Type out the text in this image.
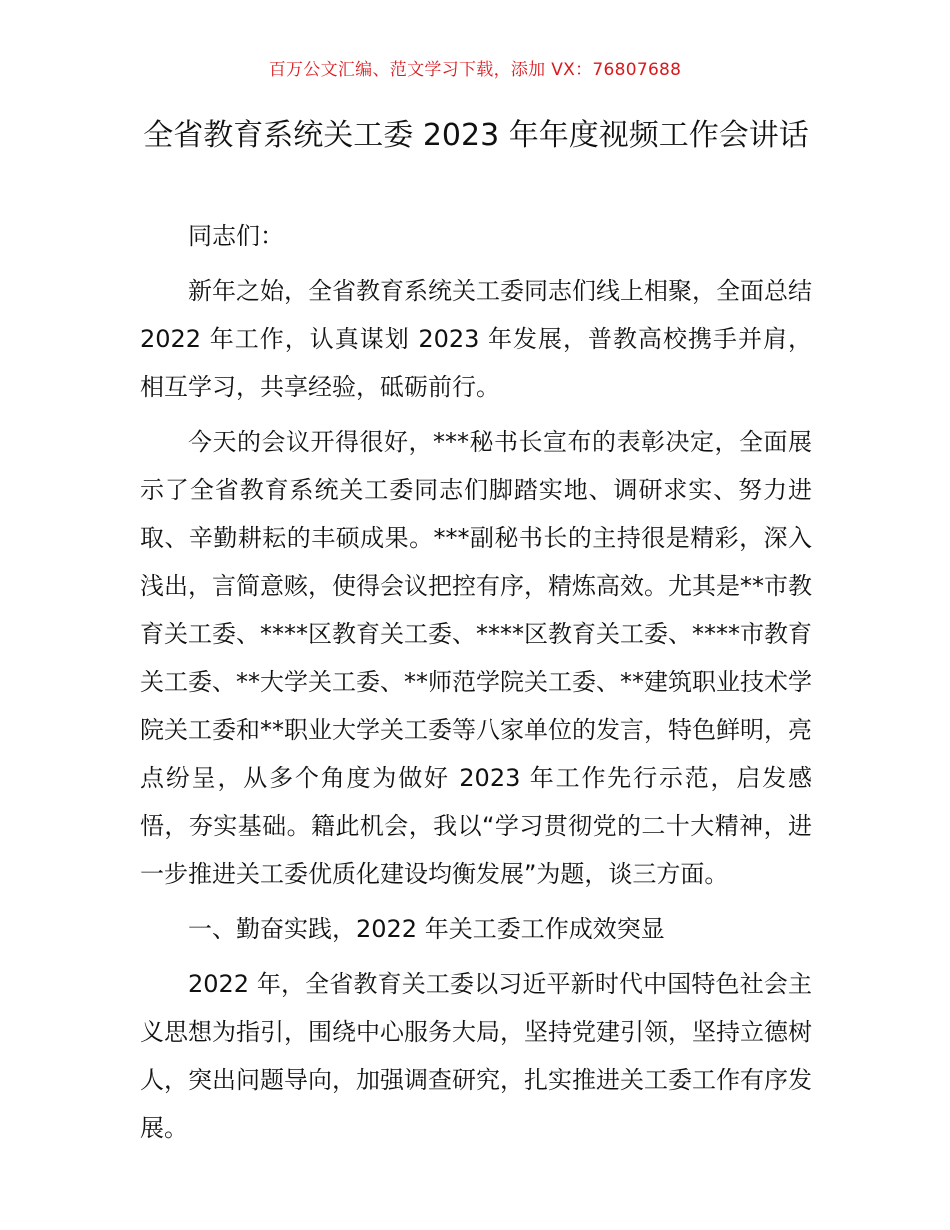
百万公文汇编、范文学习下载，添加 VX：76807688
全省教育系统关工委 2023 年年度视频工作会讲话

同志们：

新年之始，全省教育系统关工委同志们线上相聚，全面总结 2022 年工作，认真谋划 2023 年发展，普教高校携手并肩，相互学习，共享经验，砥砺前行。

今天的会议开得很好，***秘书长宣布的表彰决定，全面展示了全省教育系统关工委同志们脚踏实地、调研求实、努力进取、辛勤耕耘的丰硕成果。***副秘书长的主持很是精彩，深入浅出，言简意赅，使得会议把控有序，精炼高效。尤其是**市教育关工委、****区教育关工委、****区教育关工委、****市教育关工委、**大学关工委、**师范学院关工委、**建筑职业技术学院关工委和**职业大学关工委等八家单位的发言，特色鲜明，亮点纷呈，从多个角度为做好 2023 年工作先行示范，启发感悟，夯实基础。籍此机会，我以“学习贯彻党的二十大精神，进一步推进关工委优质化建设均衡发展”为题，谈三方面。

一、勤奋实践，2022 年关工委工作成效突显

2022 年，全省教育关工委以习近平新时代中国特色社会主义思想为指引，围绕中心服务大局，坚持党建引领，坚持立德树人，突出问题导向，加强调查研究，扎实推进关工委工作有序发展。
